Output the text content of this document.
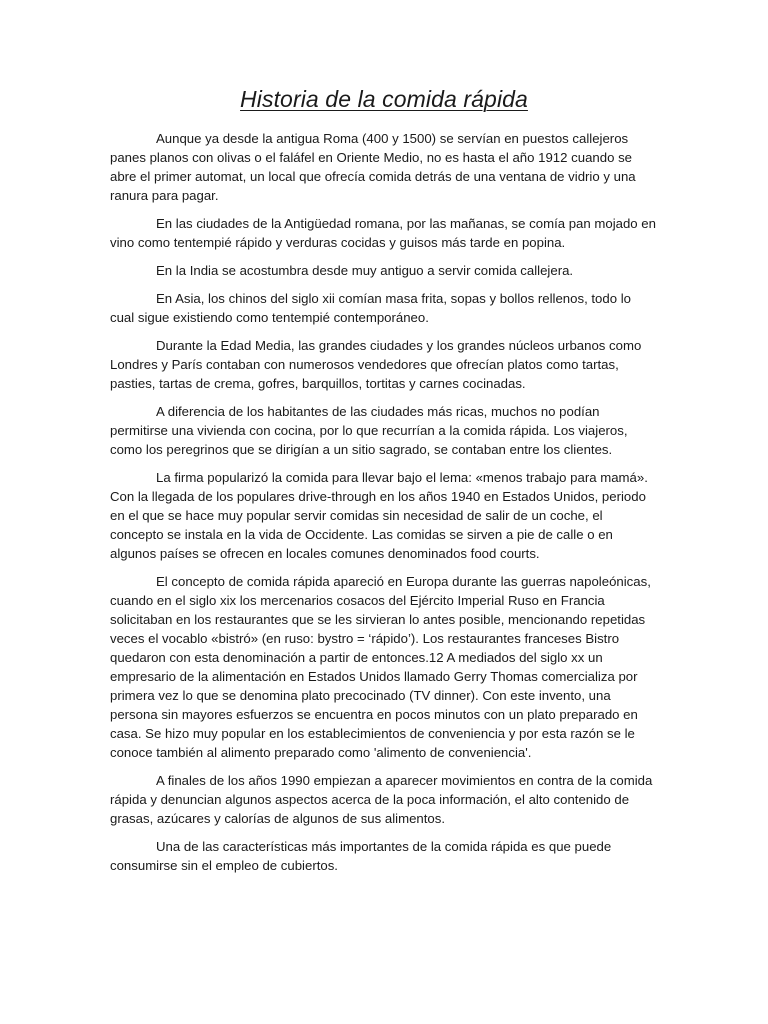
Historia de la comida rápida

Aunque ya desde la antigua Roma (400 y 1500) se servían en puestos callejeros panes planos con olivas o el faláfel en Oriente Medio, no es hasta el año 1912 cuando se abre el primer automat, un local que ofrecía comida detrás de una ventana de vidrio y una ranura para pagar.

En las ciudades de la Antigüedad romana, por las mañanas, se comía pan mojado en vino como tentempié rápido y verduras cocidas y guisos más tarde en popina.

En la India se acostumbra desde muy antiguo a servir comida callejera.

En Asia, los chinos del siglo xii comían masa frita, sopas y bollos rellenos, todo lo cual sigue existiendo como tentempié contemporáneo.

Durante la Edad Media, las grandes ciudades y los grandes núcleos urbanos como Londres y París contaban con numerosos vendedores que ofrecían platos como tartas, pasties, tartas de crema, gofres, barquillos, tortitas y carnes cocinadas.

A diferencia de los habitantes de las ciudades más ricas, muchos no podían permitirse una vivienda con cocina, por lo que recurrían a la comida rápida. Los viajeros, como los peregrinos que se dirigían a un sitio sagrado, se contaban entre los clientes.

La firma popularizó la comida para llevar bajo el lema: «menos trabajo para mamá». Con la llegada de los populares drive-through en los años 1940 en Estados Unidos, periodo en el que se hace muy popular servir comidas sin necesidad de salir de un coche, el concepto se instala en la vida de Occidente. Las comidas se sirven a pie de calle o en algunos países se ofrecen en locales comunes denominados food courts.

El concepto de comida rápida apareció en Europa durante las guerras napoleónicas, cuando en el siglo xix los mercenarios cosacos del Ejército Imperial Ruso en Francia solicitaban en los restaurantes que se les sirvieran lo antes posible, mencionando repetidas veces el vocablo «bistró» (en ruso: bystro = ‘rápido’). Los restaurantes franceses Bistro quedaron con esta denominación a partir de entonces.12 A mediados del siglo xx un empresario de la alimentación en Estados Unidos llamado Gerry Thomas comercializa por primera vez lo que se denomina plato precocinado (TV dinner). Con este invento, una persona sin mayores esfuerzos se encuentra en pocos minutos con un plato preparado en casa. Se hizo muy popular en los establecimientos de conveniencia y por esta razón se le conoce también al alimento preparado como 'alimento de conveniencia'.

A finales de los años 1990 empiezan a aparecer movimientos en contra de la comida rápida y denuncian algunos aspectos acerca de la poca información, el alto contenido de grasas, azúcares y calorías de algunos de sus alimentos.

Una de las características más importantes de la comida rápida es que puede consumirse sin el empleo de cubiertos.
